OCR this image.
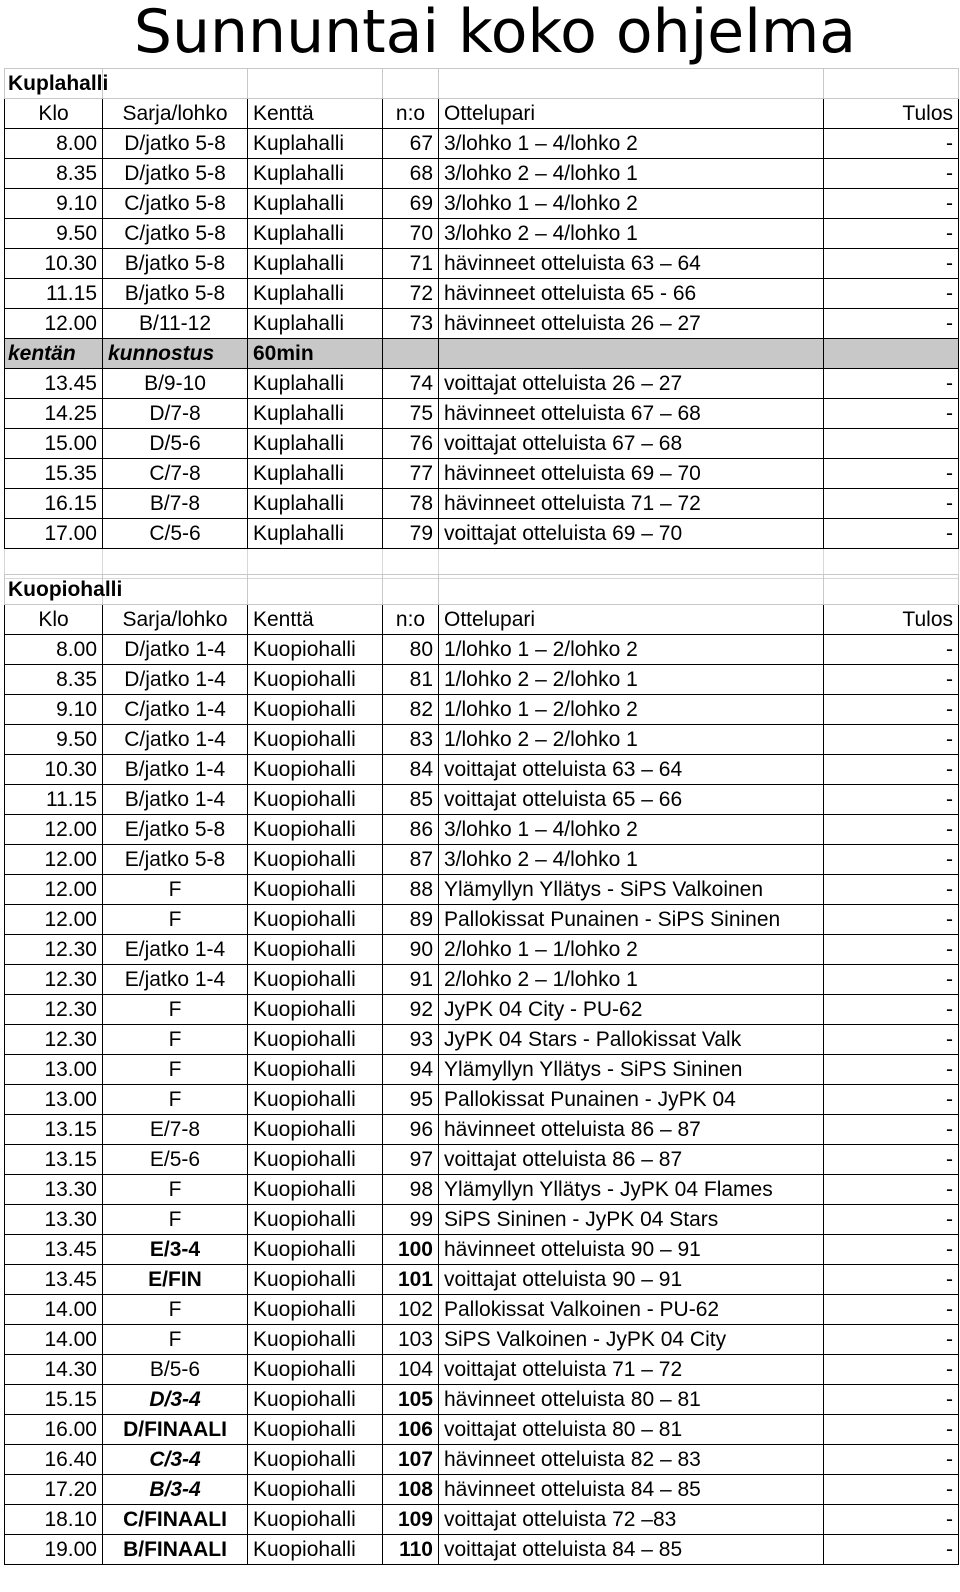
Sunnuntai koko ohjelma
Kuplahalli					
Klo	Sarja/lohko	Kenttä	n:o	Ottelupari	Tulos
8.00	D/jatko 5-8	Kuplahalli	67	3/lohko 1 – 4/lohko 2	-
8.35	D/jatko 5-8	Kuplahalli	68	3/lohko 2 – 4/lohko 1	-
9.10	C/jatko 5-8	Kuplahalli	69	3/lohko 1 – 4/lohko 2	-
9.50	C/jatko 5-8	Kuplahalli	70	3/lohko 2 – 4/lohko 1	-
10.30	B/jatko 5-8	Kuplahalli	71	hävinneet otteluista 63 – 64	-
11.15	B/jatko 5-8	Kuplahalli	72	hävinneet otteluista 65 - 66	-
12.00	B/11-12	Kuplahalli	73	hävinneet otteluista 26 – 27	-
kentän	kunnostus	60min			
13.45	B/9-10	Kuplahalli	74	voittajat otteluista 26 – 27	-
14.25	D/7-8	Kuplahalli	75	hävinneet otteluista 67 – 68	-
15.00	D/5-6	Kuplahalli	76	voittajat otteluista 67 – 68	
15.35	C/7-8	Kuplahalli	77	hävinneet otteluista 69 – 70	-
16.15	B/7-8	Kuplahalli	78	hävinneet otteluista 71 – 72	-
17.00	C/5-6	Kuplahalli	79	voittajat otteluista 69 – 70	-

Kuopiohalli					
Klo	Sarja/lohko	Kenttä	n:o	Ottelupari	Tulos
8.00	D/jatko 1-4	Kuopiohalli	80	1/lohko 1 – 2/lohko 2	-
8.35	D/jatko 1-4	Kuopiohalli	81	1/lohko 2 – 2/lohko 1	-
9.10	C/jatko 1-4	Kuopiohalli	82	1/lohko 1 – 2/lohko 2	-
9.50	C/jatko 1-4	Kuopiohalli	83	1/lohko 2 – 2/lohko 1	-
10.30	B/jatko 1-4	Kuopiohalli	84	voittajat otteluista 63 – 64	-
11.15	B/jatko 1-4	Kuopiohalli	85	voittajat otteluista 65 – 66	-
12.00	E/jatko 5-8	Kuopiohalli	86	3/lohko 1 – 4/lohko 2	-
12.00	E/jatko 5-8	Kuopiohalli	87	3/lohko 2 – 4/lohko 1	-
12.00	F	Kuopiohalli	88	Ylämyllyn Yllätys - SiPS Valkoinen	-
12.00	F	Kuopiohalli	89	Pallokissat Punainen - SiPS Sininen	-
12.30	E/jatko 1-4	Kuopiohalli	90	2/lohko 1 – 1/lohko 2	-
12.30	E/jatko 1-4	Kuopiohalli	91	2/lohko 2 – 1/lohko 1	-
12.30	F	Kuopiohalli	92	JyPK 04 City - PU-62	-
12.30	F	Kuopiohalli	93	JyPK 04 Stars - Pallokissat Valk	-
13.00	F	Kuopiohalli	94	Ylämyllyn Yllätys - SiPS Sininen	-
13.00	F	Kuopiohalli	95	Pallokissat Punainen - JyPK 04	-
13.15	E/7-8	Kuopiohalli	96	hävinneet otteluista 86 – 87	-
13.15	E/5-6	Kuopiohalli	97	voittajat otteluista 86 – 87	-
13.30	F	Kuopiohalli	98	Ylämyllyn Yllätys - JyPK 04 Flames	-
13.30	F	Kuopiohalli	99	SiPS Sininen - JyPK 04 Stars	-
13.45	E/3-4	Kuopiohalli	100	hävinneet otteluista 90 – 91	-
13.45	E/FIN	Kuopiohalli	101	voittajat otteluista 90 – 91	-
14.00	F	Kuopiohalli	102	Pallokissat Valkoinen - PU-62	-
14.00	F	Kuopiohalli	103	SiPS Valkoinen - JyPK 04 City	-
14.30	B/5-6	Kuopiohalli	104	voittajat otteluista 71 – 72	-
15.15	D/3-4	Kuopiohalli	105	hävinneet otteluista 80 – 81	-
16.00	D/FINAALI	Kuopiohalli	106	voittajat otteluista 80 – 81	-
16.40	C/3-4	Kuopiohalli	107	hävinneet otteluista 82 – 83	-
17.20	B/3-4	Kuopiohalli	108	hävinneet otteluista 84 – 85	-
18.10	C/FINAALI	Kuopiohalli	109	voittajat otteluista 72 –83	-
19.00	B/FINAALI	Kuopiohalli	110	voittajat otteluista 84 – 85	-
